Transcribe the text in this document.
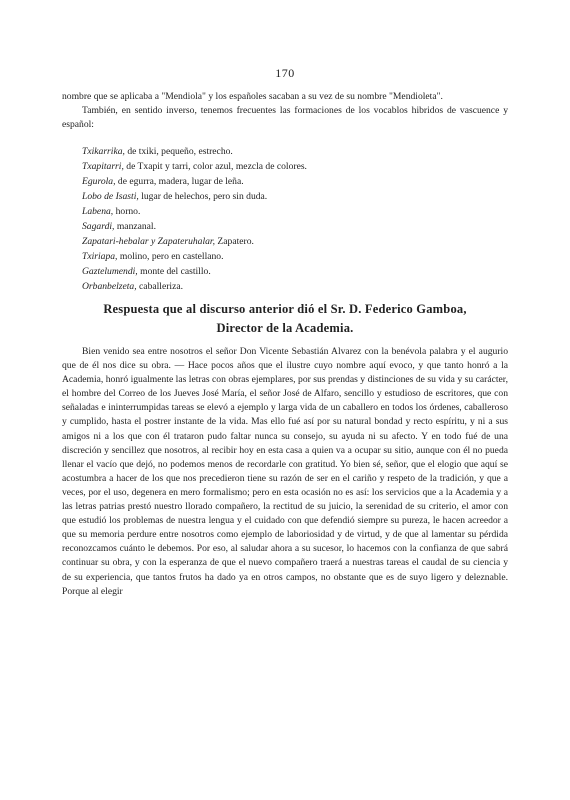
170

nombre que se aplicaba a "Mendiola" y los españoles sacaban a su vez de su nombre "Mendioleta".

También, en sentido inverso, tenemos frecuentes las formaciones de los vocablos hibridos de vascuence y español:

Txikarrika, de txiki, pequeño, estrecho.
Txapitarri, de Txapit y tarri, color azul, mezcla de colores.
Egurola, de egurra, madera, lugar de leña.
Lobo de Isasti, lugar de helechos, pero sin duda.
Labena, horno.
Sagardi, manzanal.
Zapatari-hebalar y Zapateruhalar, Zapatero.
Txiriapa, molino, pero en castellano.
Gaztelumendi, monte del castillo.
Orbanbelzeta, caballeriza.
Respuesta que al discurso anterior dió el Sr. D. Federico Gamboa,
Director de la Academia.

Bien venido sea entre nosotros el señor Don Vicente Sebastián Alvarez con la benévola palabra y el augurio que de él nos dice su obra. — Hace pocos años que el ilustre cuyo nombre aquí evoco, y que tanto honró a la Academia, honró igualmente las letras con obras ejemplares, por sus prendas y distinciones de su vida y su carácter, el hombre del Correo de los Jueves José María, el señor José de Alfaro, sencillo y estudioso de escritores, que con señaladas e ininterrumpidas tareas se elevó a ejemplo y larga vida de un caballero en todos los órdenes, caballeroso y cumplido, hasta el postrer instante de la vida. Mas ello fué así por su natural bondad y recto espíritu, y ni a sus amigos ni a los que con él trataron pudo faltar nunca su consejo, su ayuda ni su afecto. Y en todo fué de una discreción y sencillez que nosotros, al recibir hoy en esta casa a quien va a ocupar su sitio, aunque con él no pueda llenar el vacío que dejó, no podemos menos de recordarle con gratitud. Yo bien sé, señor, que el elogio que aquí se acostumbra a hacer de los que nos precedieron tiene su razón de ser en el cariño y respeto de la tradición, y que a veces, por el uso, degenera en mero formalismo; pero en esta ocasión no es así: los servicios que a la Academia y a las letras patrias prestó nuestro llorado compañero, la rectitud de su juicio, la serenidad de su criterio, el amor con que estudió los problemas de nuestra lengua y el cuidado con que defendió siempre su pureza, le hacen acreedor a que su memoria perdure entre nosotros como ejemplo de laboriosidad y de virtud, y de que al lamentar su pérdida reconozcamos cuánto le debemos. Por eso, al saludar ahora a su sucesor, lo hacemos con la confianza de que sabrá continuar su obra, y con la esperanza de que el nuevo compañero traerá a nuestras tareas el caudal de su ciencia y de su experiencia, que tantos frutos ha dado ya en otros campos, no obstante que es de suyo ligero y deleznable. Porque al elegir
